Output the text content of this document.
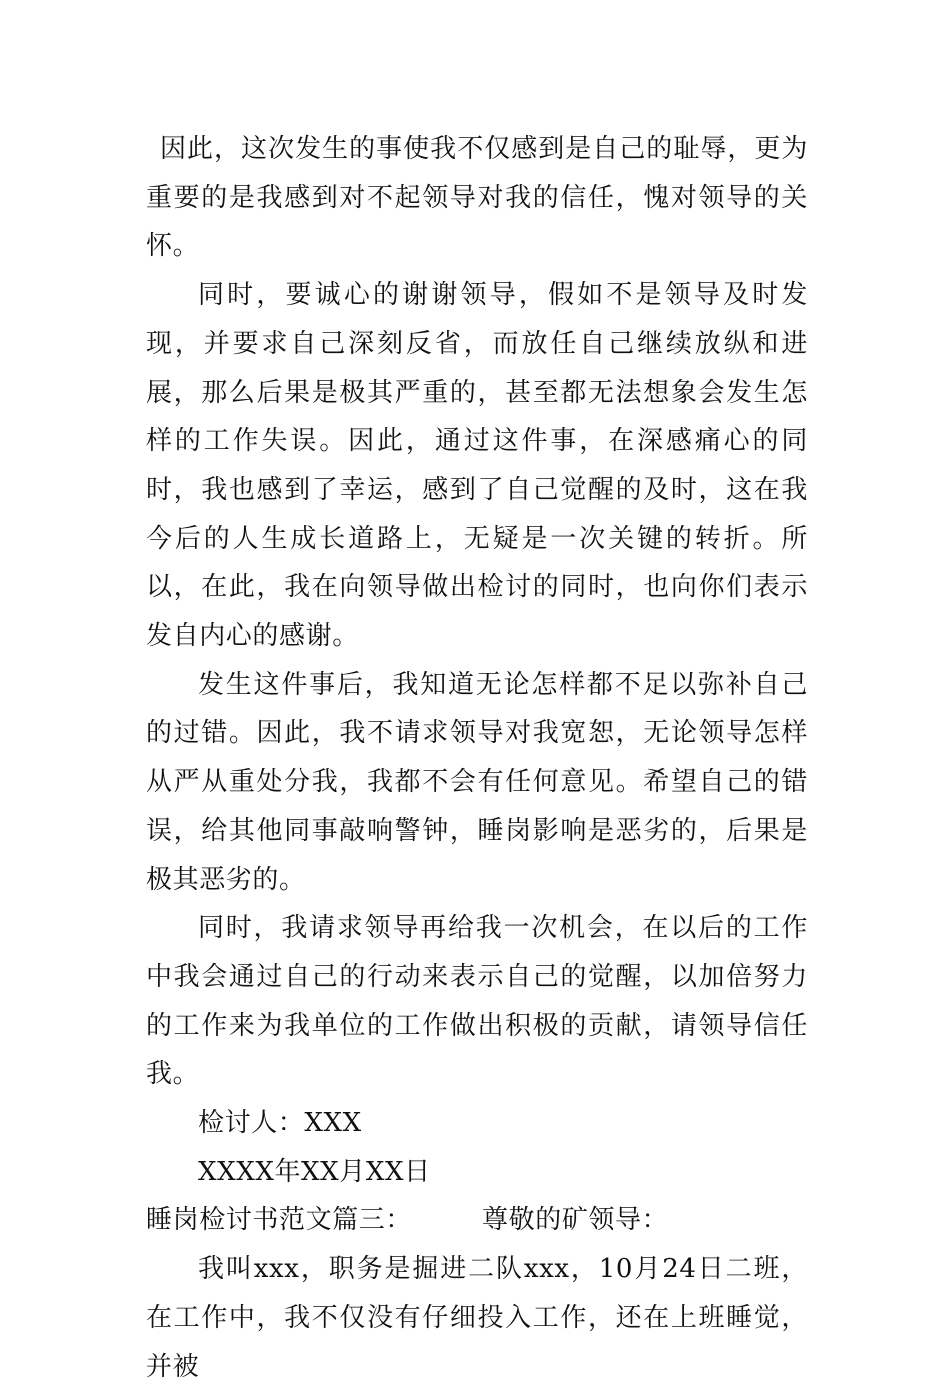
因此，这次发生的事使我不仅感到是自己的耻辱，更为重要的是我感到对不起领导对我的信任，愧对领导的关怀。

同时，要诚心的谢谢领导，假如不是领导及时发现，并要求自己深刻反省，而放任自己继续放纵和进展，那么后果是极其严重的，甚至都无法想象会发生怎样的工作失误。因此，通过这件事，在深感痛心的同时，我也感到了幸运，感到了自己觉醒的及时，这在我今后的人生成长道路上，无疑是一次关键的转折。所以，在此，我在向领导做出检讨的同时，也向你们表示发自内心的感谢。

发生这件事后，我知道无论怎样都不足以弥补自己的过错。因此，我不请求领导对我宽恕，无论领导怎样从严从重处分我，我都不会有任何意见。希望自己的错误，给其他同事敲响警钟，睡岗影响是恶劣的，后果是极其恶劣的。

同时，我请求领导再给我一次机会，在以后的工作中我会通过自己的行动来表示自己的觉醒，以加倍努力的工作来为我单位的工作做出积极的贡献，请领导信任我。

检讨人：XXX

XXXX年XX月XX日

睡岗检讨书范文篇三：	尊敬的矿领导：

我叫xxx，职务是掘进二队xxx，10月24日二班，在工作中，我不仅没有仔细投入工作，还在上班睡觉，并被
